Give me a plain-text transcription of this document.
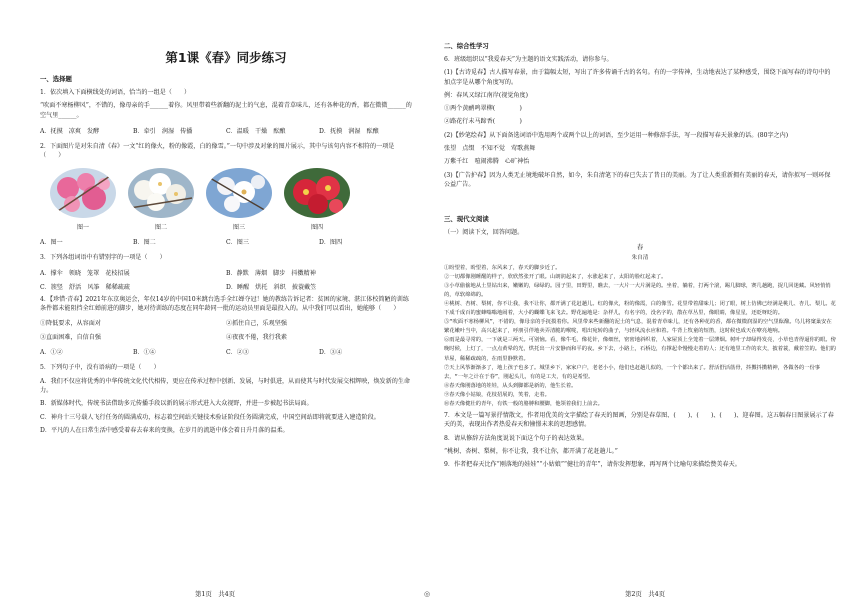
第1课《春》同步练习
一、选择题
1．依次填入下面横线处的词语，恰当的一组是（　　）
“吹面不寒杨柳风”，不错的，像母亲的手______着你。风里带着些新翻的泥土的气息，混着青草味儿，还有各种花的香，都在微微______的空气里______。
A．抚摸　凉爽　发酵	B．牵引　润湿　传播	C．温暖　干燥　酝酿	D．抚摸　润湿　酝酿
2．下面图片是对朱自清《春》一文“红的像火，粉的像霞，白的像雪。”一句中涉及对象的图片展示，其中与该句内容不相符的一项是（　　）
图一	图二	图三	图四
A．图一	B．图二	C．图三	D．图四
3．下列各组词语中有错别字的一项是（　　）
A．撑伞　领晓　笼罩　花枝招展	B．静默　薄烟　脚步　抖擞精神
C．簇竖　舒活　风筝　稀稀疏疏	D．睡醒　烘托　斜织　披蓑戴笠
4．【珍惜·青春】2021年东京奥运会，年仅14岁的中国10米跳台选手全红婵夺冠！她的教练告诉记者：贫困的家境、湛江体校简陋的训练条件都未能阻挡全红婵前进的脚步，她对待训练的态度在同年龄同一批的运动员里面是最投入的。从中我们可以看出，她能够（　　）
①降低要求，从容面对	②抓住自己，乐观坚强
③直面困难，自信自强	④夜夜不倦，我行我素
A．①②	B．①④	C．②③	D．③④
5．下列句子中，没有语病的一项是（　　）
A．我们不仅应将优秀的中华传统文化代代相传，更应在传承过程中创新、发展，与时俱进，从而使其与时代发展交相辉映，焕发新的生命力。
B．新媒体时代，传统书法借助多元传播手段以新的展示形式进入大众视野，并进一步被起书法局面。
C．神舟十三号载人飞行任务的圆满成功，标志着空间站关键技术验证阶段任务圆满完成，中国空间站即将就要进入建造阶段。
D．平凡的人在日常生活中感受着春去春来的变换，在岁月的流逝中体会着日升月落的温柔。
第1页　共4页	◎
二、综合性学习
6．班级组织以“我爱春天”为主题的语文实践活动，请你参与。
(1)【古诗觅春】古人描写春景，由于篇幅太短，写出了许多传诵千古的名句。有的一字传神，生动地表达了某种感受，围绕下面写春的诗句中的加点字是从哪个角度写的。
例：春风又绿江南岸(视觉角度)
①两个黄鹂鸣翠柳(　　　　)
②路花行未马蹄香(　　　　)
(2)【妙笔绘春】从下面备选词语中选用两个或两个以上的词语，至少运用一种修辞手法，写一段描写春天景象的话。(80字之内)
张望　点缀　不知不觉　莺歌燕舞
万紫千红　喧闹沸腾　心旷神怡
(3)【广告护春】因为人类无止境地破坏自然，如今，朱自清笔下的春已失去了昔日的美丽。为了让人类重新拥有美丽的春天，请你拟写一则环保公益广告。
三、现代文阅读
（一）阅读下文，回答问题。
春
朱自清

①盼望着，盼望着，东风来了，春天的脚步近了。

②一切都像刚睡醒的样子，欣欣然张开了眼。山朗润起来了，水涨起来了，太阳的脸红起来了。

③小草偷偷地从土里钻出来，嫩嫩的，绿绿的。园子里，田野里，瞧去，一大片一大片满是的。坐着，躺着，打两个滚，踢几脚球，赛几趟跑，捉几回迷藏。风轻悄悄的，草软绵绵的。

④桃树、杏树、梨树，你不让我，我不让你，都开满了花赶趟儿。红的像火，粉的像霞，白的像雪。花里带着甜味儿；闭了眼，树上仿佛已经满是桃儿、杏儿、梨儿。花下成千成百的蜜蜂嗡嗡地闹着，大小的蝴蝶飞来飞去。野花遍地是：杂样儿，有名字的，没名字的，散在草丛里，像眼睛，像星星，还眨呀眨的。

⑤“吹面不寒杨柳风”，不错的，像母亲的手抚摸着你。风里带来些新翻的泥土的气息，混着青草味儿，还有各种花的香，都在微微润湿的空气里酝酿。鸟儿将窠巢安在繁花嫩叶当中，高兴起来了，呼朋引伴地卖弄清脆的喉咙，唱出宛转的曲子，与轻风流水应和着。牛背上牧童的短笛，这时候也成天在嘹亮地响。

⑥雨是最寻常的，一下就是三两天。可别恼。看，像牛毛，像花针，像细丝，密密地斜织着，人家屋顶上全笼着一层薄烟。树叶子却绿得发亮，小草也青得逼你的眼。傍晚时候，上灯了，一点点黄晕的光，烘托出一片安静而和平的夜。乡下去，小路上，石桥边，有撑起伞慢慢走着的人；还有地里工作的农夫，披着蓑，戴着笠的。他们的草屋，稀稀疏疏的，在雨里静默着。

⑦天上风筝渐渐多了，地上孩子也多了。城里乡下，家家户户，老老小小，他们也赶趟儿似的，一个个都出来了。舒活舒活筋骨，抖擞抖擞精神，各做各的一份事去，“一年之计在于春”，刚起头儿，有的是工夫，有的是希望。

⑧春天像刚落地的娃娃，从头到脚都是新的，他生长着。

⑨春天像小姑娘，花枝招展的，笑着，走着。

⑩春天像健壮的青年，有铁一般的胳膊和腰脚，他领着我们上前去。

7．本文是一篇写景抒情散文，作者用优美的文字描绘了春天的图画，分别是春草图、(　　)、(　　)、(　　)、迎春图。这五幅春日图景展示了春天的美，表现出作者热爱春天和憧憬未来的思想感情。
8．请从修辞方法角度说说下面这个句子的表达效果。
“桃树、杏树、梨树，你不让我，我不让你，都开满了花赶趟儿。”
9．作者把春天比作“刚落地的娃娃”“小姑娘”“健壮的青年”，请你发挥想象，再写两个比喻句来描绘赞美春天。
第2页　共4页
